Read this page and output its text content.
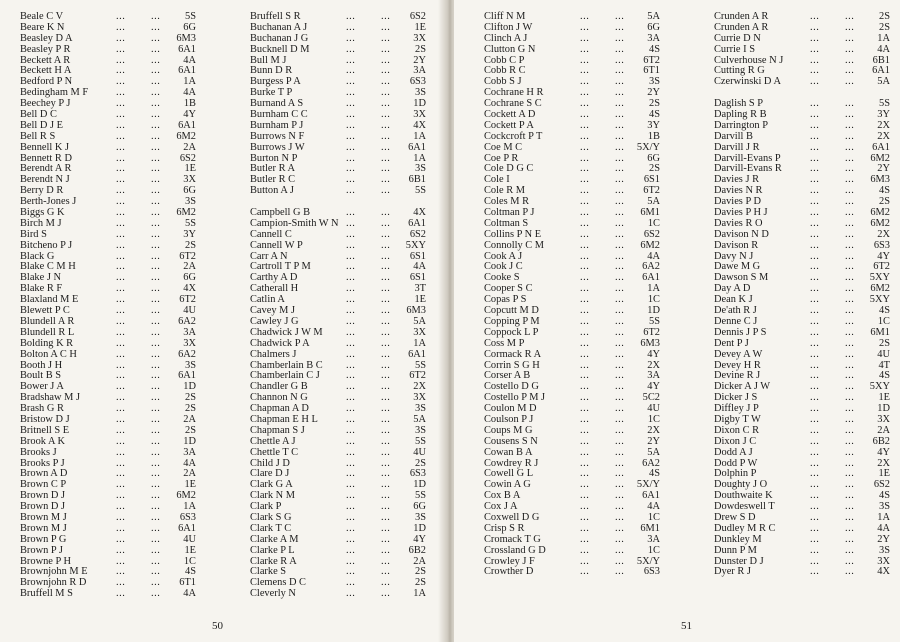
Beale C V	... ... 5S
Beare K N	... ... 6G
Beasley D A	... ... 6M3
Beasley P R	... ... 6A1
Beckett A R	... ... 4A
Beckett H A	... ... 6A1
Bedford P N	... ... 1A
Bedingham M F	... ... 4A
Beechey P J	... ... 1B
Bell D C	... ... 4Y
Bell D J E	... ... 6A1
Bell R S	... ... 6M2
Bennell K J	... ... 2A
Bennett R D	... ... 6S2
Berendt A R	... ... 1E
Berendt N J	... ... 3X
Berry D R	... ... 6G
Berth-Jones J	... ... 3S
Biggs G K	... ... 6M2
Birch M J	... ... 5S
Bird S	... ... 3Y
Bitcheno P J	... ... 2S
Black G	... ... 6T2
Blake C M H	... ... 2A
Blake J N	... ... 6G
Blake R F	... ... 4X
Blaxland M E	... ... 6T2
Blewett P C	... ... 4U
Blundell A R	... ... 6A2
Blundell R L	... ... 3A
Bolding K R	... ... 3X
Bolton A C H	... ... 6A2
Booth J H	... ... 3S
Boult B S	... ... 6A1
Bower J A	... ... 1D
Bradshaw M J	... ... 2S
Brash G R	... ... 2S
Bristow D J	... ... 2A
Britnell S E	... ... 2S
Brook A K	... ... 1D
Brooks J	... ... 3A
Brooks P J	... ... 4A
Brown A D	... ... 2A
Brown C P	... ... 1E
Brown D J	... ... 6M2
Brown D J	... ... 1A
Brown M J	... ... 6S3
Brown M J	... ... 6A1
Brown P G	... ... 4U
Brown P J	... ... 1E
Browne P H	... ... 1C
Brownjohn M E	... ... 4S
Brownjohn R D	... ... 6T1
Bruffell M S	... ... 4A
Bruffell S R	... ... 6S2
Buchanan A J	... ... 1E
Buchanan J G	... ... 3X
Bucknell D M	... ... 2S
Bull M J	... ... 2Y
Bunn D R	... ... 3A
Burgess P A	... ... 6S3
Burke T P	... ... 3S
Burnand A S	... ... 1D
Burnham C C	... ... 3X
Burnham P J	... ... 4X
Burrows N F	... ... 1A
Burrows J W	... ... 6A1
Burton N P	... ... 1A
Butler R A	... ... 3S
Butler R C	... ... 6B1
Button A J	... ... 5S
Campbell G B	... ... 4X
Campion-Smith W N ... ... 6A1
Cannell C	... ... 6S2
Cannell W P	... ... 5XY
Carr A N	... ... 6S1
Cartroll T P M	... ... 4A
Carthy A D	... ... 6S1
Catherall H	... ... 3T
Catlin A	... ... 1E
Cavey M J	... ... 6M3
Cawley J G	... ... 5A
Chadwick J W M ... ... 3X
Chadwick P A	... ... 1A
Chalmers J	... ... 6A1
Chamberlain B C ... ... 5S
Chamberlain C J	... ... 6T2
Chandler G B	... ... 2X
Channon N G	... ... 3X
Chapman A D	... ... 3S
Chapman E H L	... ... 5A
Chapman S J	... ... 3S
Chettle A J	... ... 5S
Chettle T C	... ... 4U
Child J D	... ... 2S
Clare D J	... ... 6S3
Clark G A	... ... 1D
Clark N M	... ... 5S
Clark P	... ... 6G
Clark S G	... ... 3S
Clark T C	... ... 1D
Clarke A M	... ... 4Y
Clarke P L	... ... 6B2
Clarke R A	... ... 2A
Clarke S	... ... 2S
Clemens D C	... ... 2S
Cleverly N	... ... 1A
50
Cliff N M	... ... 5A
Clifton J W	... ... 6G
Clinch A J	... ... 3A
Clutton G N	... ... 4S
Cobb C P	... ... 6T2
Cobb R C	... ... 6T1
Cobb S J	... ... 3S
Cochrane H R	... ... 2Y
Cochrane S C	... ... 2S
Cockett A D	... ... 4S
Cockett P A	... ... 3Y
Cockcroft P T	... ... 1B
Coe M C	... ... 5X/Y
Coe P R	... ... 6G
Cole D G C	... ... 2S
Cole I	... ... 6S1
Cole R M	... ... 6T2
Coles M R	... ... 5A
Coltman P J	... ... 6M1
Coltman S	... ... 1C
Collins P N E	... ... 6S2
Connolly C M	... ... 6M2
Cook A J	... ... 4A
Cook J C	... ... 6A2
Cooke S	... ... 6A1
Cooper S C	... ... 1A
Copas P S	... ... 1C
Copcutt M D	... ... 1D
Copping P M	... ... 5S
Coppock L P	... ... 6T2
Coss M P	... ... 6M3
Cormack R A	... ... 4Y
Corrin S G H	... ... 2X
Corser A B	... ... 3A
Costello D G	... ... 4Y
Costello P M J	... ... 5C2
Coulon M D	... ... 4U
Coulson P J	... ... 1C
Coups M G	... ... 2X
Cousens S N	... ... 2Y
Cowan B A	... ... 5A
Cowdrey R J	... ... 6A2
Cowell G L	... ... 4S
Cowin A G	... ... 5X/Y
Cox B A	... ... 6A1
Cox J A	... ... 4A
Coxwell D G	... ... 1C
Crisp S R	... ... 6M1
Cromack T G	... ... 3A
Crossland G D	... ... 1C
Crowley J F	... ... 5X/Y
Crowther D	... ... 6S3
Crunden A R	... ... 2S
Crunden A R	... ... 2S
Currie D N	... ... 1A
Currie I S	... ... 4A
Culverhouse N J	... ... 6B1
Cutting R G	... ... 6A1
Czerwinski D A	... ... 5A
Daglish S P	... ... 5S
Dapling R B	... ... 3Y
Darrington P	... ... 2X
Darvill B	... ... 2X
Darvill J R	... ... 6A1
Darvill-Evans P	... ... 6M2
Darvill-Evans R	... ... 2Y
Davies J R	... ... 6M3
Davies N R	... ... 4S
Davies P D	... ... 2S
Davies P H J	... ... 6M2
Davies R O	... ... 6M2
Davison N D	... ... 2X
Davison R	... ... 6S3
Davy N J	... ... 4Y
Dawe M G	... ... 6T2
Dawson S M	... ... 5XY
Day A D	... ... 6M2
Dean K J	... ... 5XY
De'ath R J	... ... 4S
Denne C J	... ... 1C
Dennis J P S	... ... 6M1
Dent P J	... ... 2S
Devey A W	... ... 4U
Devey H R	... ... 4T
Devine R J	... ... 4S
Dicker A J W	... ... 5XY
Dicker J S	... ... 1E
Diffley J P	... ... 1D
Digby T W	... ... 3X
Dixon C R	... ... 2A
Dixon J C	... ... 6B2
Dodd A J	... ... 4Y
Dodd P W	... ... 2X
Dolphin P	... ... 1E
Doughty J O	... ... 6S2
Douthwaite K	... ... 4S
Dowdeswell T	... ... 3S
Drew S D	... ... 1A
Dudley M R C	... ... 4A
Dunkley M	... ... 2Y
Dunn P M	... ... 3S
Dunster D J	... ... 3X
Dyer R J	... ... 4X
51
